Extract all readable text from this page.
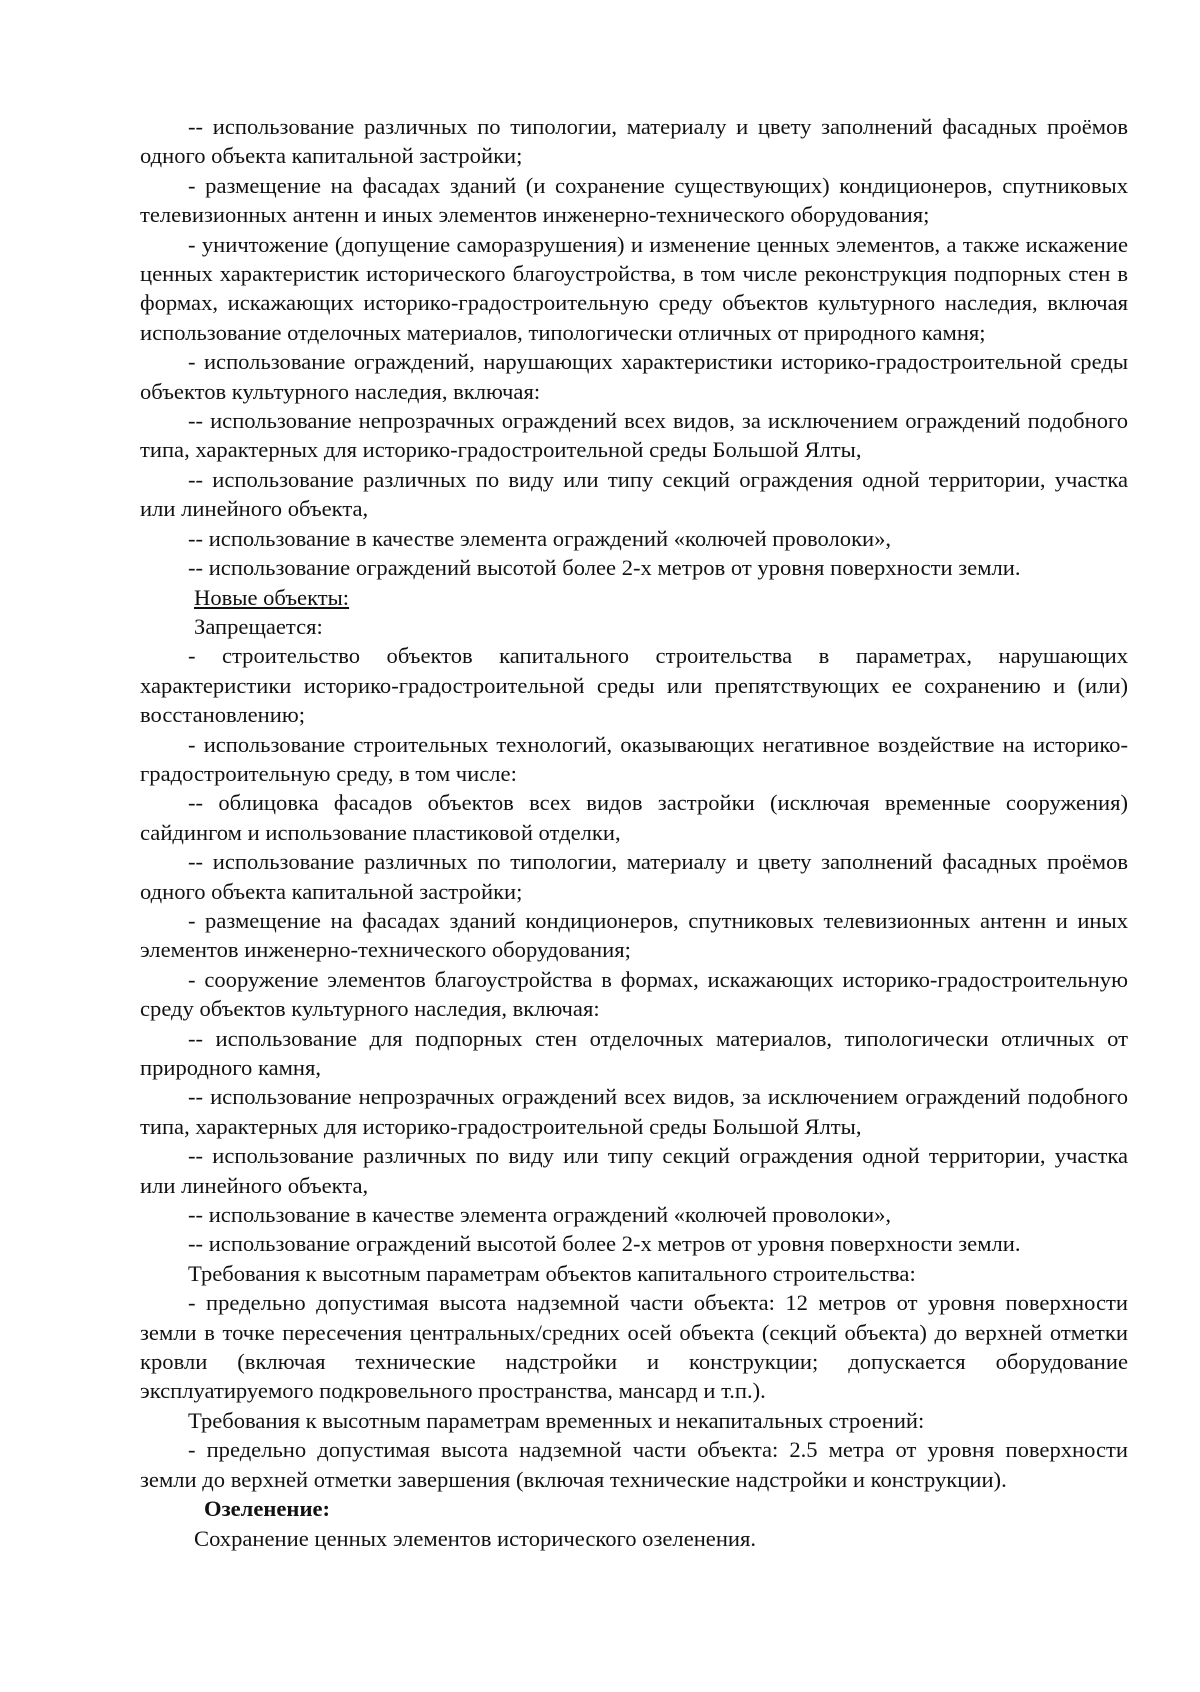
-- использование различных по типологии, материалу и цвету заполнений фасадных проёмов одного объекта капитальной застройки;

- размещение на фасадах зданий (и сохранение существующих) кондиционеров, спутниковых телевизионных антенн и иных элементов инженерно-технического оборудования;

- уничтожение (допущение саморазрушения) и изменение ценных элементов, а также искажение ценных характеристик исторического благоустройства, в том числе реконструкция подпорных стен в формах, искажающих историко-градостроительную среду объектов культурного наследия, включая использование отделочных материалов, типологически отличных от природного камня;

- использование ограждений, нарушающих характеристики историко-градостроительной среды объектов культурного наследия, включая:

-- использование непрозрачных ограждений всех видов, за исключением ограждений подобного типа, характерных для историко-градостроительной среды Большой Ялты,

-- использование различных по виду или типу секций ограждения одной территории, участка или линейного объекта,

-- использование в качестве элемента ограждений «колючей проволоки»,

-- использование ограждений высотой более 2-х метров от уровня поверхности земли.

Новые объекты:

Запрещается:

- строительство объектов капитального строительства в параметрах, нарушающих характеристики историко-градостроительной среды или препятствующих ее сохранению и (или) восстановлению;

- использование строительных технологий, оказывающих негативное воздействие на историко-градостроительную среду, в том числе:

-- облицовка фасадов объектов всех видов застройки (исключая временные сооружения) сайдингом и использование пластиковой отделки,

-- использование различных по типологии, материалу и цвету заполнений фасадных проёмов одного объекта капитальной застройки;

- размещение на фасадах зданий кондиционеров, спутниковых телевизионных антенн и иных элементов инженерно-технического оборудования;

- сооружение элементов благоустройства в формах, искажающих историко-градостроительную среду объектов культурного наследия, включая:

-- использование для подпорных стен отделочных материалов, типологически отличных от природного камня,

-- использование непрозрачных ограждений всех видов, за исключением ограждений подобного типа, характерных для историко-градостроительной среды Большой Ялты,

-- использование различных по виду или типу секций ограждения одной территории, участка или линейного объекта,

-- использование в качестве элемента ограждений «колючей проволоки»,

-- использование ограждений высотой более 2-х метров от уровня поверхности земли.

Требования к высотным параметрам объектов капитального строительства:

- предельно допустимая высота надземной части объекта: 12 метров от уровня поверхности земли в точке пересечения центральных/средних осей объекта (секций объекта) до верхней отметки кровли (включая технические надстройки и конструкции; допускается оборудование эксплуатируемого подкровельного пространства, мансард и т.п.).

Требования к высотным параметрам временных и некапитальных строений:

- предельно допустимая высота надземной части объекта: 2.5 метра от уровня поверхности земли до верхней отметки завершения (включая технические надстройки и конструкции).

Озеленение:

Сохранение ценных элементов исторического озеленения.
